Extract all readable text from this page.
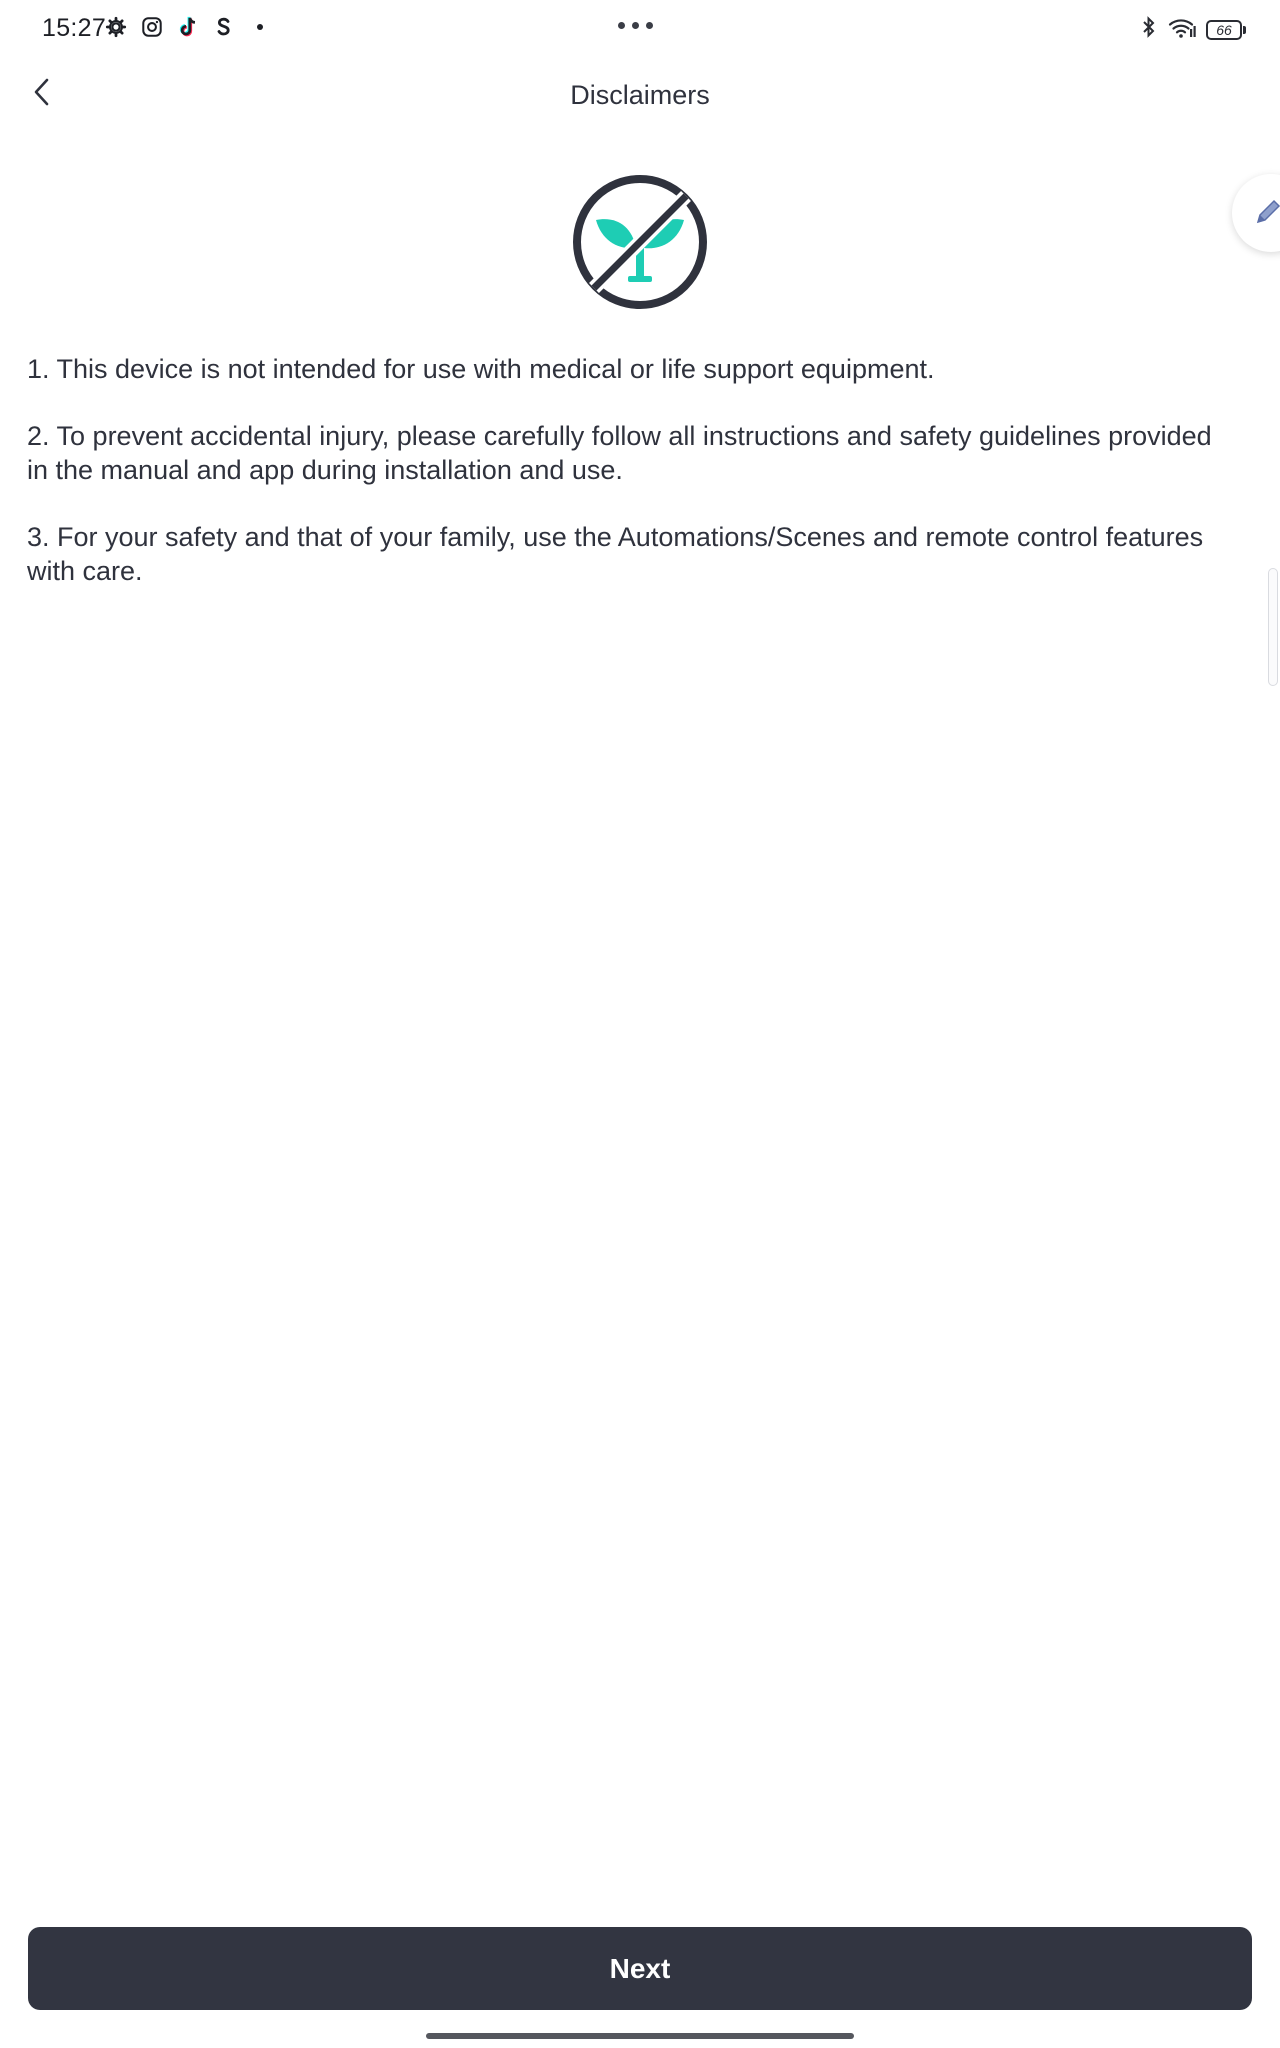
15:27	66
Disclaimers

1. This device is not intended for use with medical or life support equipment.

2. To prevent accidental injury, please carefully follow all instructions and safety guidelines provided in the manual and app during installation and use.

3. For your safety and that of your family, use the Automations/Scenes and remote control features with care.

Next
